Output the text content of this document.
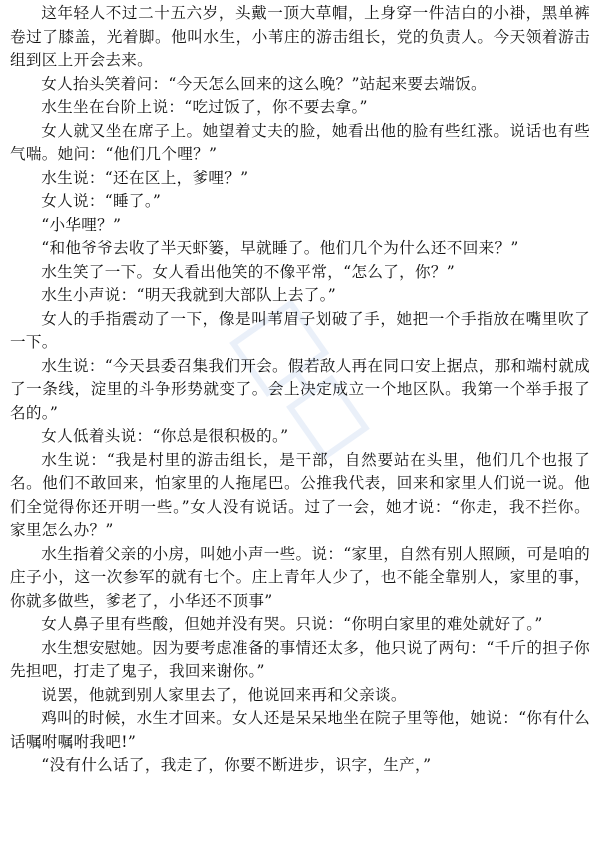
这年轻人不过二十五六岁，头戴一顶大草帽，上身穿一件洁白的小褂，黑单裤卷过了膝盖，光着脚。他叫水生，小苇庄的游击组长，党的负责人。今天领着游击组到区上开会去来。

女人抬头笑着问：“今天怎么回来的这么晚？”站起来要去端饭。

水生坐在台阶上说：“吃过饭了，你不要去拿。”

女人就又坐在席子上。她望着丈夫的脸，她看出他的脸有些红涨。说话也有些气喘。她问：“他们几个哩？”

水生说：“还在区上，爹哩？”

女人说：“睡了。”

“小华哩？”

“和他爷爷去收了半天虾篓，早就睡了。他们几个为什么还不回来？”

水生笑了一下。女人看出他笑的不像平常，“怎么了，你？”

水生小声说：“明天我就到大部队上去了。”

女人的手指震动了一下，像是叫苇眉子划破了手，她把一个手指放在嘴里吹了一下。

水生说：“今天县委召集我们开会。假若敌人再在同口安上据点，那和端村就成了一条线，淀里的斗争形势就变了。会上决定成立一个地区队。我第一个举手报了名的。”

女人低着头说：“你总是很积极的。”

水生说：“我是村里的游击组长，是干部，自然要站在头里，他们几个也报了名。他们不敢回来，怕家里的人拖尾巴。公推我代表，回来和家里人们说一说。他们全觉得你还开明一些。”女人没有说话。过了一会，她才说：“你走，我不拦你。家里怎么办？”

水生指着父亲的小房，叫她小声一些。说：“家里，自然有别人照顾，可是咱的庄子小，这一次参军的就有七个。庄上青年人少了，也不能全靠别人，家里的事，你就多做些，爹老了，小华还不顶事”

女人鼻子里有些酸，但她并没有哭。只说：“你明白家里的难处就好了。”

水生想安慰她。因为要考虑准备的事情还太多，他只说了两句：“千斤的担子你先担吧，打走了鬼子，我回来谢你。”

说罢，他就到别人家里去了，他说回来再和父亲谈。

鸡叫的时候，水生才回来。女人还是呆呆地坐在院子里等他，她说：“你有什么话嘱咐嘱咐我吧!”

“没有什么话了，我走了，你要不断进步，识字，生产，”
